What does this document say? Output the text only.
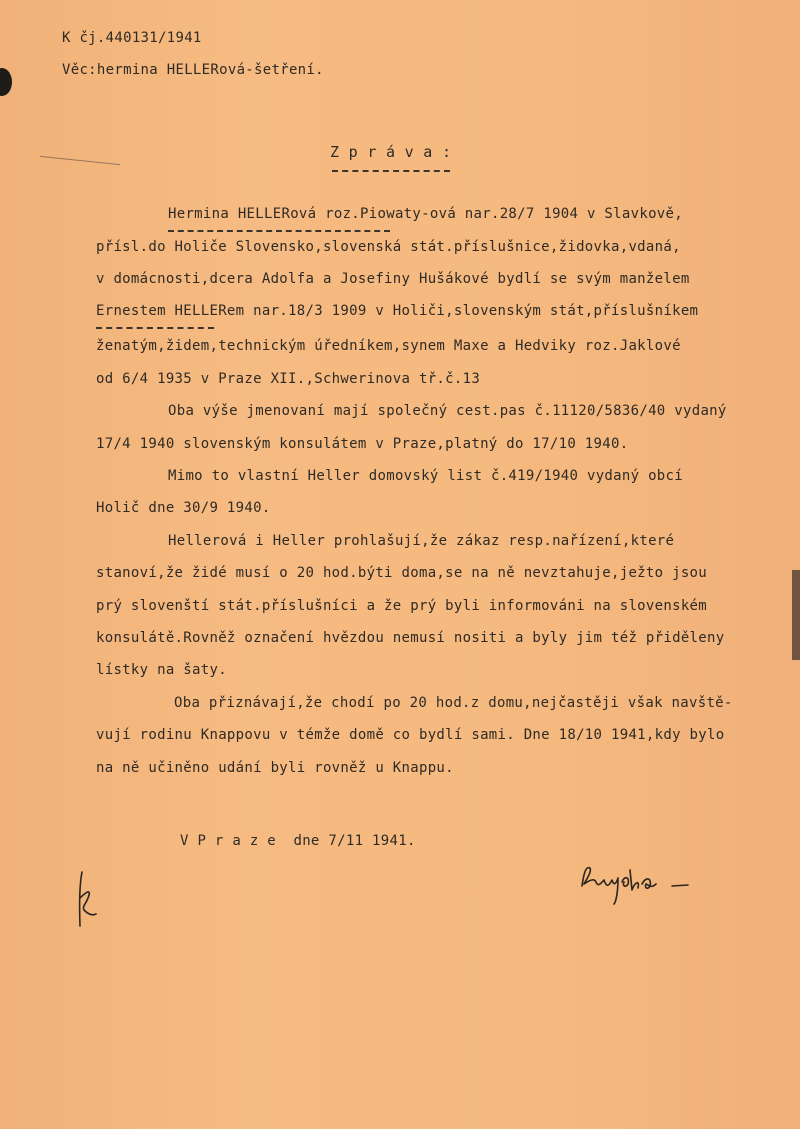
K čj.440131/1941
Věc:hermina HELLERová-šetření.
Z p r á v a :
Hermina HELLERová roz.Piowaty-ová nar.28/7 1904 v Slavkově,
přísl.do Holiče Slovensko,slovenská stát.příslušnice,židovka,vdaná,
v domácnosti,dcera Adolfa a Josefiny Hušákové bydlí se svým manželem
Ernestem HELLERem nar.18/3 1909 v Holiči,slovenským stát,příslušníkem
ženatým,židem,technickým úředníkem,synem Maxe a Hedviky roz.Jaklové
od 6/4 1935 v Praze XII.,Schwerinova tř.č.13
Oba výše jmenovaní mají společný cest.pas č.11120/5836/40 vydaný
17/4 1940 slovenským konsulátem v Praze,platný do 17/10 1940.
Mimo to vlastní Heller domovský list č.419/1940 vydaný obcí
Holič dne 30/9 1940.
Hellerová i Heller prohlašují,že zákaz resp.nařízení,které
stanoví,že židé musí o 20 hod.býti doma,se na ně nevztahuje,ježto jsou
prý slovenští stát.příslušníci a že prý byli informováni na slovenském
konsulátě.Rovněž označení hvězdou nemusí nositi a byly jim též přiděleny
lístky na šaty.
Oba přiznávají,že chodí po 20 hod.z domu,nejčastěji však navště-
vují rodinu Knappovu v témže domě co bydlí sami. Dne 18/10 1941,kdy bylo
na ně učiněno udání byli rovněž u Knappu.
V P r a z e  dne 7/11 1941.
